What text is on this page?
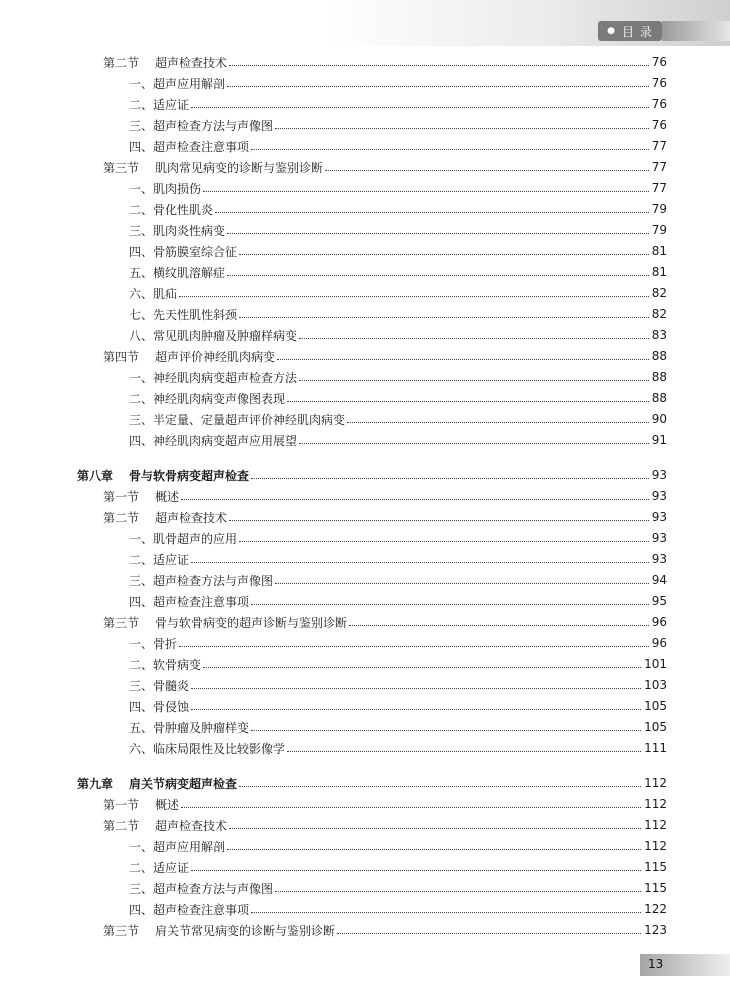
● 目 录
第二节	超声检查技术	76
一、超声应用解剖	76
二、适应证	76
三、超声检查方法与声像图	76
四、超声检查注意事项	77
第三节	肌肉常见病变的诊断与鉴别诊断	77
一、肌肉损伤	77
二、骨化性肌炎	79
三、肌肉炎性病变	79
四、骨筋膜室综合征	81
五、横纹肌溶解症	81
六、肌疝	82
七、先天性肌性斜颈	82
八、常见肌肉肿瘤及肿瘤样病变	83
第四节	超声评价神经肌肉病变	88
一、神经肌肉病变超声检查方法	88
二、神经肌肉病变声像图表现	88
三、半定量、定量超声评价神经肌肉病变	90
四、神经肌肉病变超声应用展望	91
第八章	骨与软骨病变超声检查	93
第一节	概述	93
第二节	超声检查技术	93
一、肌骨超声的应用	93
二、适应证	93
三、超声检查方法与声像图	94
四、超声检查注意事项	95
第三节	骨与软骨病变的超声诊断与鉴别诊断	96
一、骨折	96
二、软骨病变	101
三、骨髓炎	103
四、骨侵蚀	105
五、骨肿瘤及肿瘤样变	105
六、临床局限性及比较影像学	111
第九章	肩关节病变超声检查	112
第一节	概述	112
第二节	超声检查技术	112
一、超声应用解剖	112
二、适应证	115
三、超声检查方法与声像图	115
四、超声检查注意事项	122
第三节	肩关节常见病变的诊断与鉴别诊断	123
13
